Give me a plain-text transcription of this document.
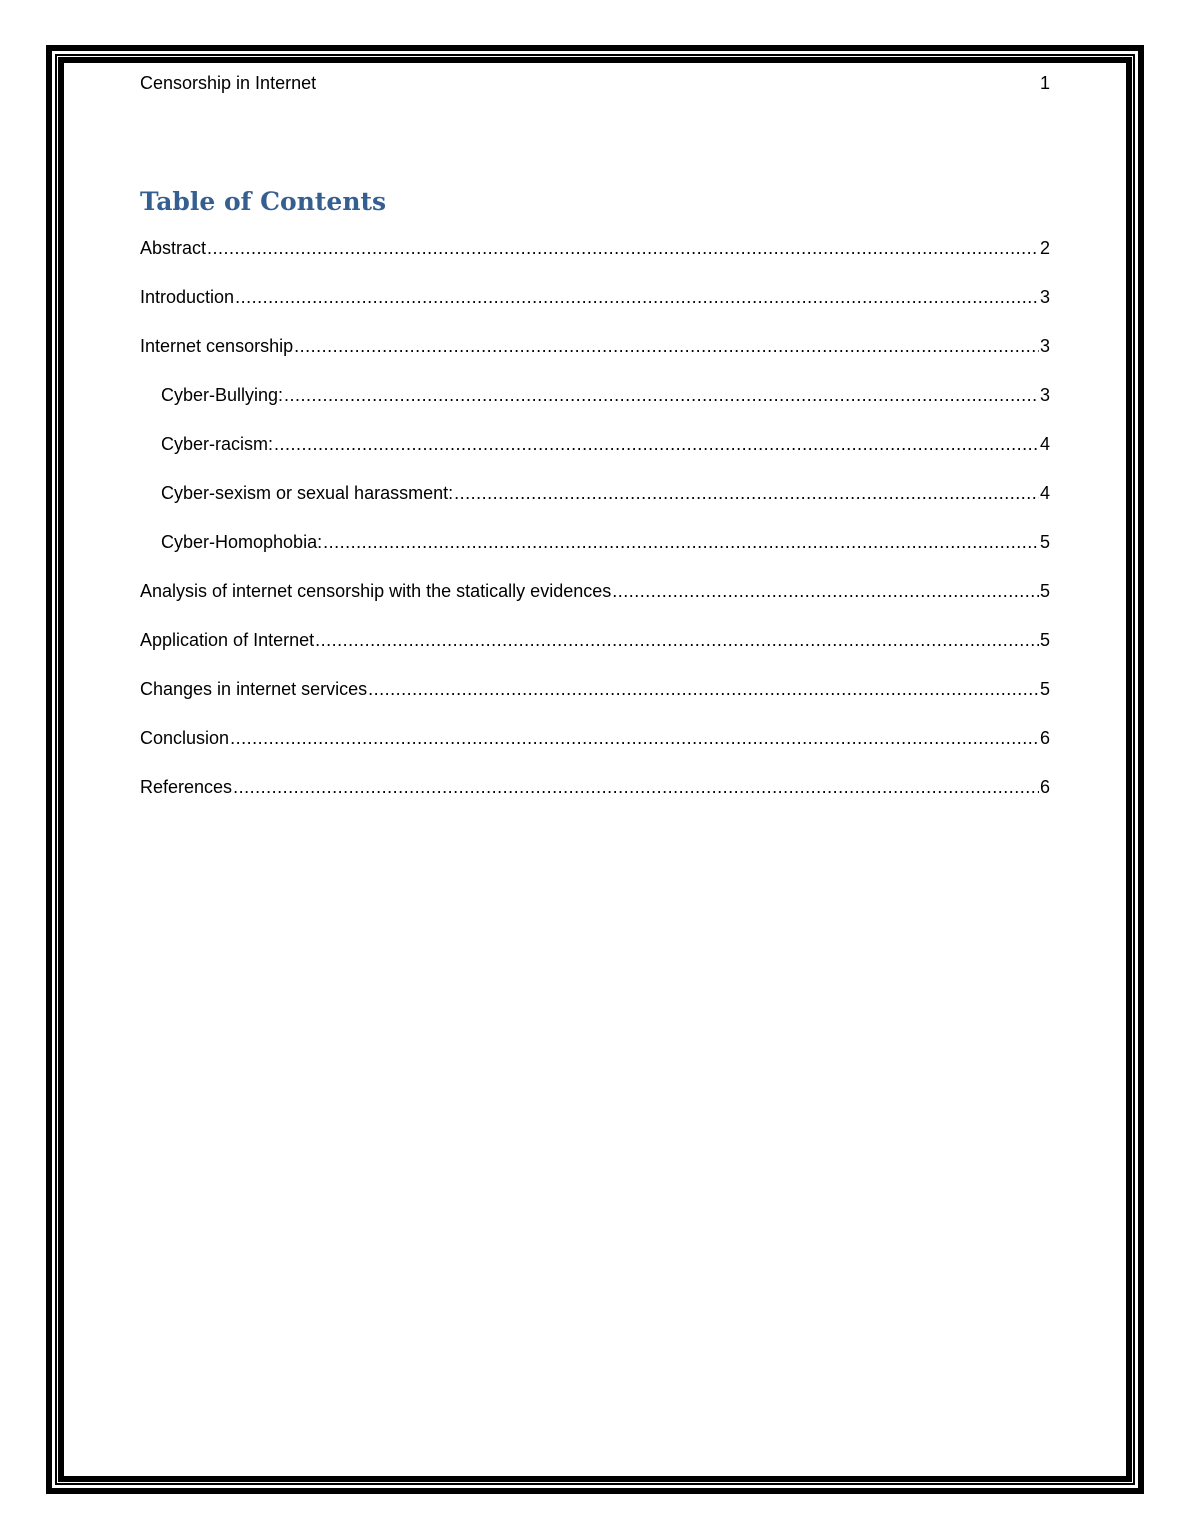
Censorship in Internet	1
Table of Contents
Abstract .....	2
Introduction .....	3
Internet censorship .....	3
Cyber-Bullying: .....	3
Cyber-racism: .....	4
Cyber-sexism or sexual harassment: .....	4
Cyber-Homophobia: .....	5
Analysis of internet censorship with the statically evidences .....	5
Application of Internet .....	5
Changes in internet services .....	5
Conclusion .....	6
References .....	6
